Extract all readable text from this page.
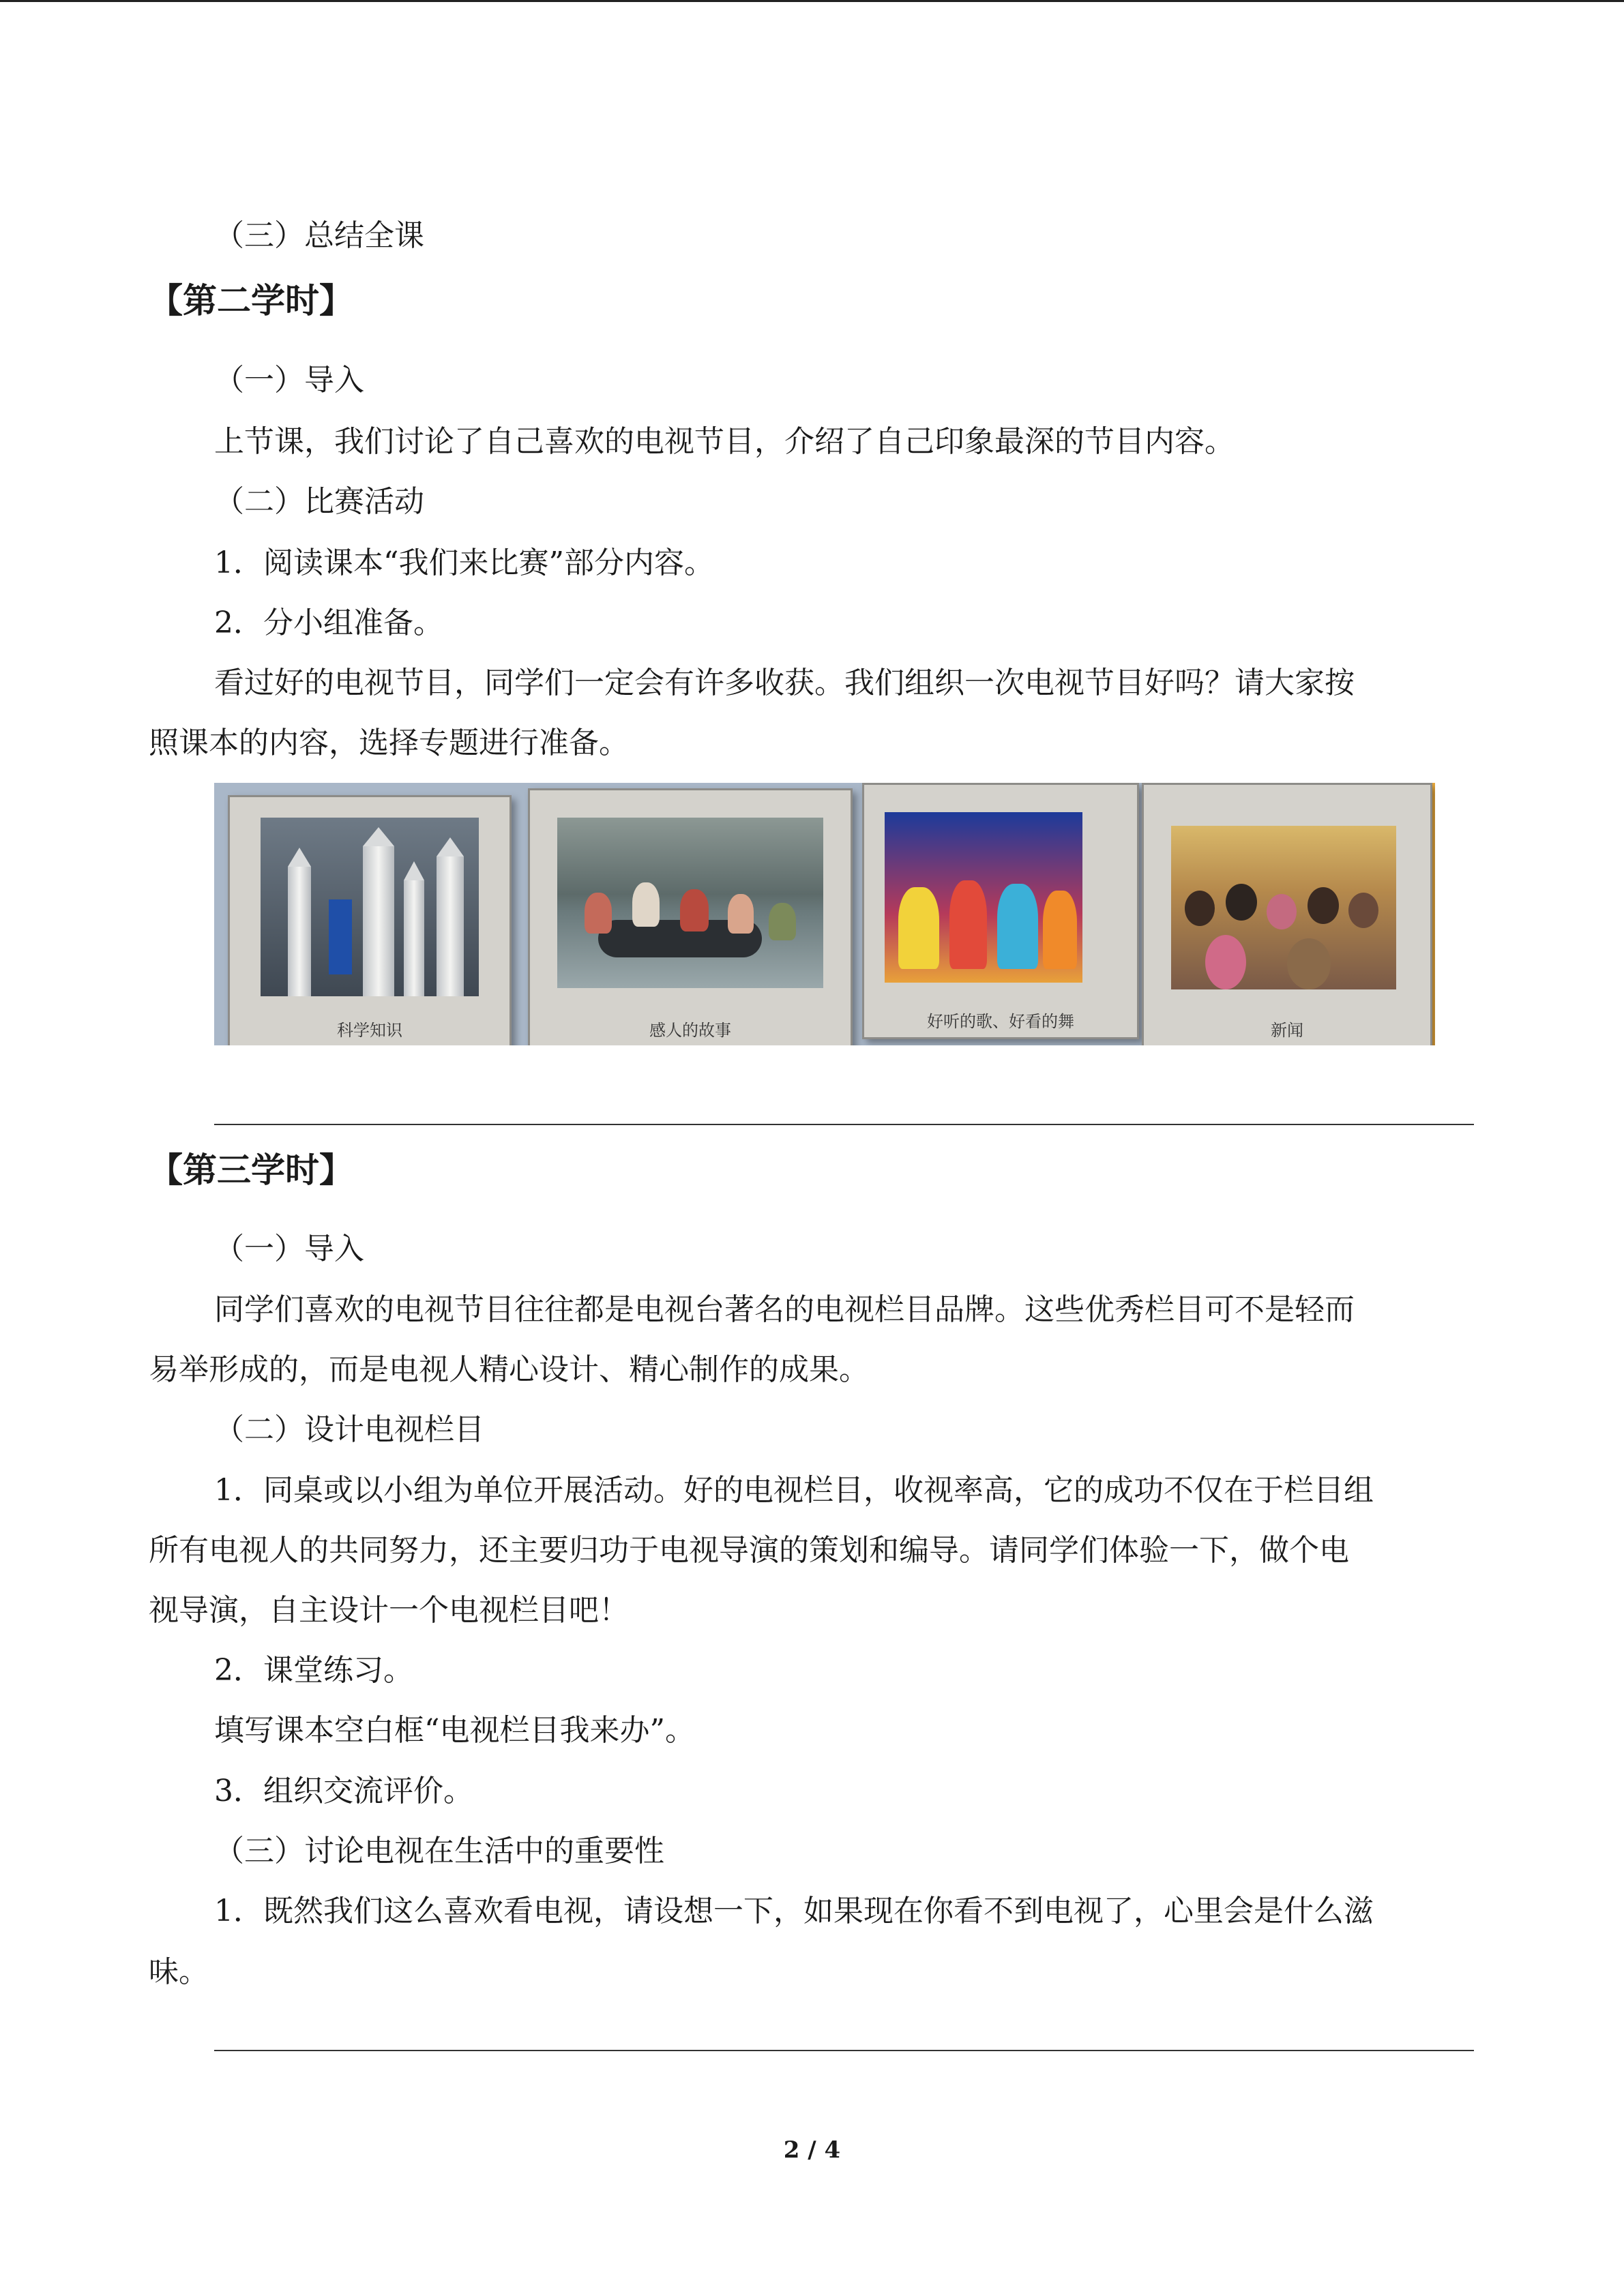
（三）总结全课
【第二学时】
（一）导入
上节课，我们讨论了自己喜欢的电视节目，介绍了自己印象最深的节目内容。
（二）比赛活动
1．阅读课本“我们来比赛”部分内容。
2．分小组准备。
看过好的电视节目，同学们一定会有许多收获。我们组织一次电视节目好吗？请大家按
照课本的内容，选择专题进行准备。
科学知识	感人的故事	好听的歌、好看的舞	新闻
【第三学时】
（一）导入
同学们喜欢的电视节目往往都是电视台著名的电视栏目品牌。这些优秀栏目可不是轻而
易举形成的，而是电视人精心设计、精心制作的成果。
（二）设计电视栏目
1．同桌或以小组为单位开展活动。好的电视栏目，收视率高，它的成功不仅在于栏目组
所有电视人的共同努力，还主要归功于电视导演的策划和编导。请同学们体验一下，做个电
视导演，自主设计一个电视栏目吧！
2．课堂练习。
填写课本空白框“电视栏目我来办”。
3．组织交流评价。
（三）讨论电视在生活中的重要性
1．既然我们这么喜欢看电视，请设想一下，如果现在你看不到电视了，心里会是什么滋
味。
2 / 4
